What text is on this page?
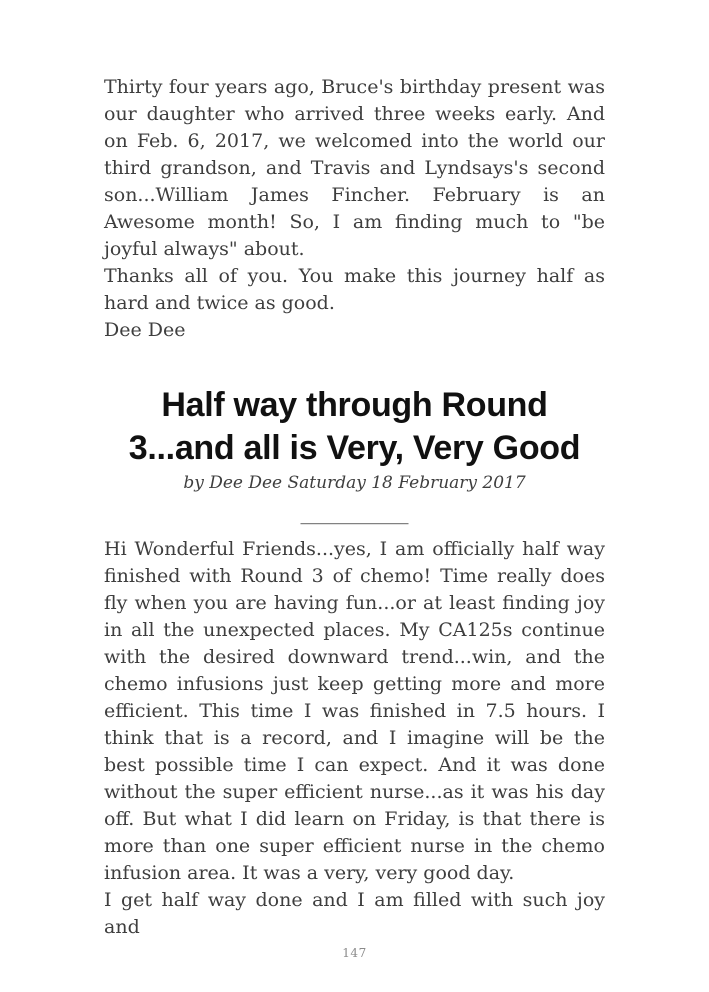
Thirty four years ago, Bruce's birthday present was our daughter who arrived three weeks early. And on Feb. 6, 2017, we welcomed into the world our third grandson, and Travis and Lyndsays's second son...William James Fincher. February is an Awesome month! So, I am finding much to "be joyful always" about.

Thanks all of you. You make this journey half as hard and twice as good.

Dee Dee

Half way through Round
3...and all is Very, Very Good
by Dee Dee Saturday 18 February 2017
____________

Hi Wonderful Friends...yes, I am officially half way finished with Round 3 of chemo! Time really does fly when you are having fun...or at least finding joy in all the unexpected places. My CA125s continue with the desired downward trend...win, and the chemo infusions just keep getting more and more efficient. This time I was finished in 7.5 hours. I think that is a record, and I imagine will be the best possible time I can expect. And it was done without the super efficient nurse...as it was his day off. But what I did learn on Friday, is that there is more than one super efficient nurse in the chemo infusion area. It was a very, very good day.

I get half way done and I am filled with such joy and

147
